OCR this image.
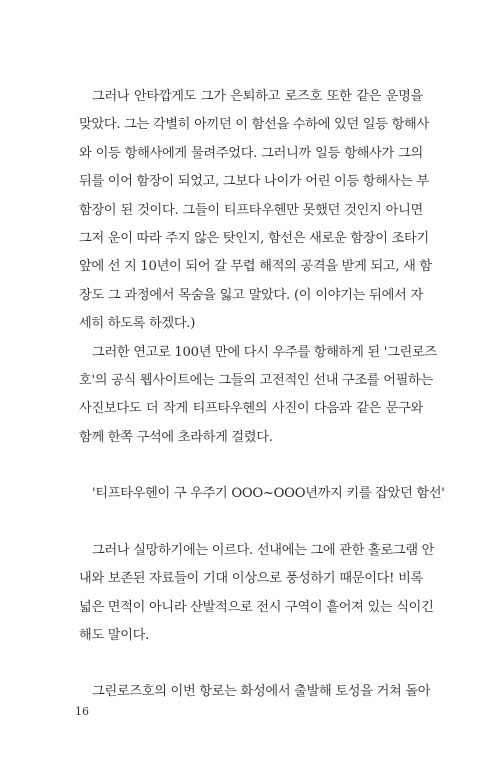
그러나 안타깝게도 그가 은퇴하고 로즈호 또한 같은 운명을
맞았다. 그는 각별히 아끼던 이 함선을 수하에 있던 일등 항해사
와 이등 항해사에게 물려주었다. 그러니까 일등 항해사가 그의
뒤를 이어 함장이 되었고, 그보다 나이가 어린 이등 항해사는 부
함장이 된 것이다. 그들이 티프타우헨만 못했던 것인지 아니면
그저 운이 따라 주지 않은 탓인지, 함선은 새로운 함장이 조타기
앞에 선 지 10년이 되어 갈 무렵 해적의 공격을 받게 되고, 새 함
장도 그 과정에서 목숨을 잃고 말았다. (이 이야기는 뒤에서 자
세히 하도록 하겠다.)
그러한 연고로 100년 만에 다시 우주를 항해하게 된 '그린로즈
호'의 공식 웹사이트에는 그들의 고전적인 선내 구조를 어필하는
사진보다도 더 작게 티프타우헨의 사진이 다음과 같은 문구와
함께 한쪽 구석에 초라하게 걸렸다.
'티프타우헨이 구 우주기 OOO~OOO년까지 키를 잡았던 함선'
그러나 실망하기에는 이르다. 선내에는 그에 관한 홀로그램 안
내와 보존된 자료들이 기대 이상으로 풍성하기 때문이다! 비록
넓은 면적이 아니라 산발적으로 전시 구역이 흩어져 있는 식이긴
해도 말이다.
그린로즈호의 이번 항로는 화성에서 출발해 토성을 거쳐 돌아
16
